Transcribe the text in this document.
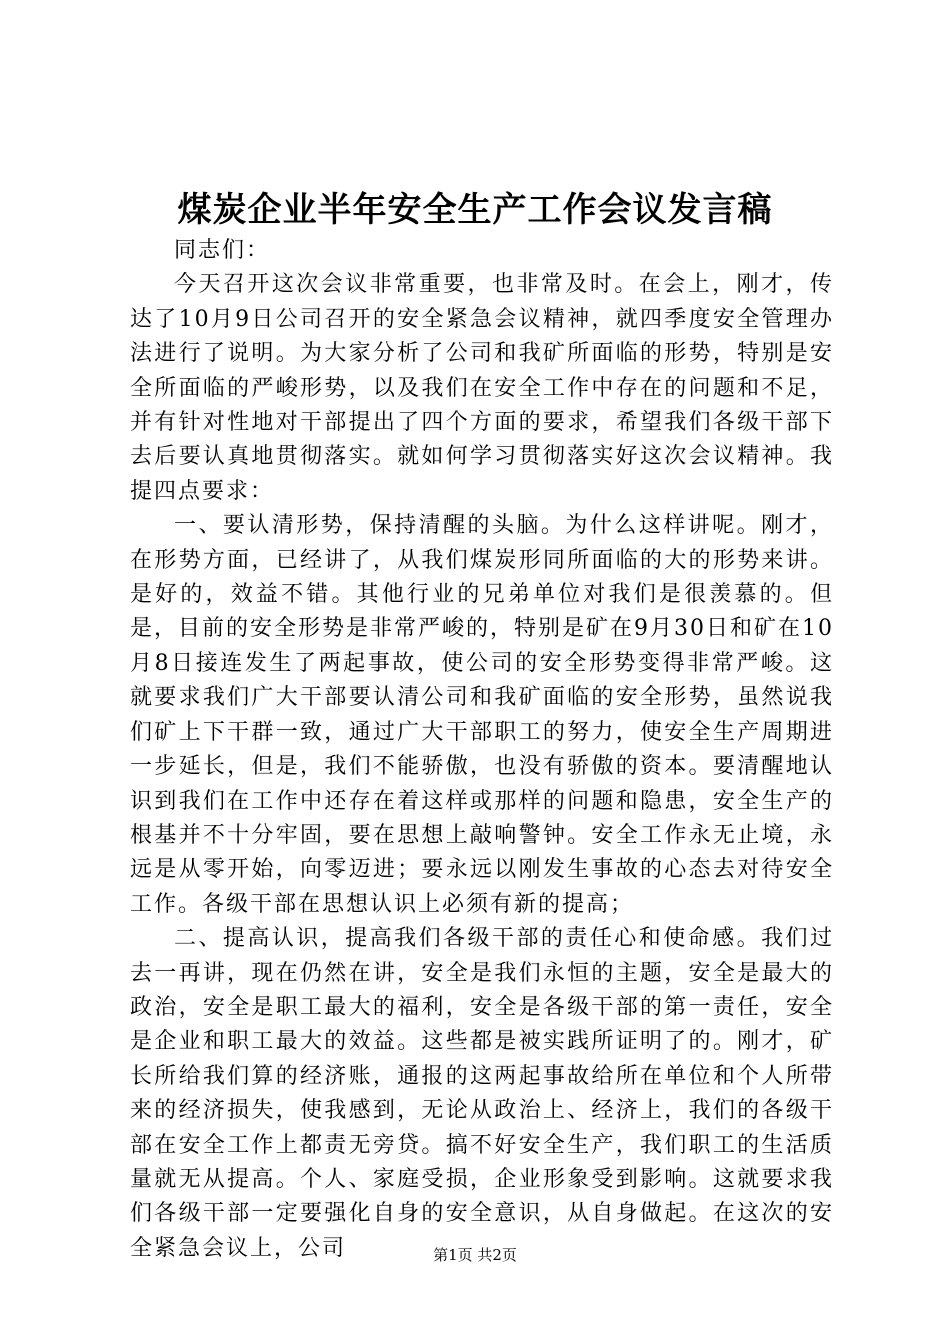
煤炭企业半年安全生产工作会议发言稿

同志们：

今天召开这次会议非常重要，也非常及时。在会上，刚才，传达了10月9日公司召开的安全紧急会议精神，就四季度安全管理办法进行了说明。为大家分析了公司和我矿所面临的形势，特别是安全所面临的严峻形势，以及我们在安全工作中存在的问题和不足，并有针对性地对干部提出了四个方面的要求，希望我们各级干部下去后要认真地贯彻落实。就如何学习贯彻落实好这次会议精神。我提四点要求：

一、要认清形势，保持清醒的头脑。为什么这样讲呢。刚才，在形势方面，已经讲了，从我们煤炭形同所面临的大的形势来讲。是好的，效益不错。其他行业的兄弟单位对我们是很羡慕的。但是，目前的安全形势是非常严峻的，特别是矿在9月30日和矿在10月8日接连发生了两起事故，使公司的安全形势变得非常严峻。这就要求我们广大干部要认清公司和我矿面临的安全形势，虽然说我们矿上下干群一致，通过广大干部职工的努力，使安全生产周期进一步延长，但是，我们不能骄傲，也没有骄傲的资本。要清醒地认识到我们在工作中还存在着这样或那样的问题和隐患，安全生产的根基并不十分牢固，要在思想上敲响警钟。安全工作永无止境，永远是从零开始，向零迈进；要永远以刚发生事故的心态去对待安全工作。各级干部在思想认识上必须有新的提高；

二、提高认识，提高我们各级干部的责任心和使命感。我们过去一再讲，现在仍然在讲，安全是我们永恒的主题，安全是最大的政治，安全是职工最大的福利，安全是各级干部的第一责任，安全是企业和职工最大的效益。这些都是被实践所证明了的。刚才，矿长所给我们算的经济账，通报的这两起事故给所在单位和个人所带来的经济损失，使我感到，无论从政治上、经济上，我们的各级干部在安全工作上都责无旁贷。搞不好安全生产，我们职工的生活质量就无从提高。个人、家庭受损，企业形象受到影响。这就要求我们各级干部一定要强化自身的安全意识，从自身做起。在这次的安全紧急会议上，公司	第1页 共2页
